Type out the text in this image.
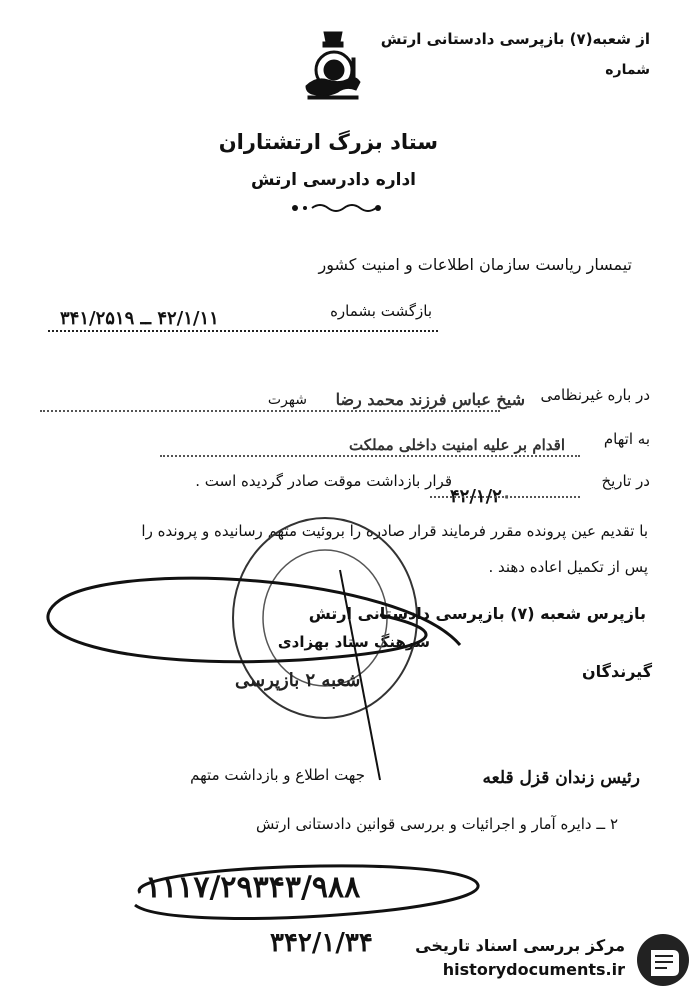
از شعبه(۷) بازپرسی دادستانی ارتش
شماره
ستاد بزرگ ارتشتاران
اداره دادرسی ارتش
تیمسار ریاست سازمان اطلاعات و امنیت کشور
بازگشت بشماره
۴۲/۱/۱۱ ــ ۳۴۱/۲۵۱۹
در باره غیرنظامی
شیخ عباس فرزند محمد رضا
شهرت
به اتهام
اقدام بر علیه امنیت داخلی مملکت
در تاریخ
قرار بازداشت موقت صادر گردیده است .
۴۲/۱/۲۰
با تقدیم عین پرونده مقرر فرمایند قرار صادره را بروئیت متهم رسانیده و پرونده را
پس از تکمیل اعاده دهند .
بازپرس شعبه (۷) بازپرسی دادستانی ارتش
سرهنگ ستاد بهزادی
شعبه ۲ بازپرسی	گیرندگان
رئیس زندان قزل قلعه
جهت اطلاع و بازداشت متهم
۲ ــ دایره آمار و اجرائیات و بررسی قوانین دادستانی ارتش
۱۱۱۷/۲۹۳۴۳/۹۸۸
۳۴۲/۱/۳۴	مرکز بررسی اسناد تاریخی
historydocuments.ir
